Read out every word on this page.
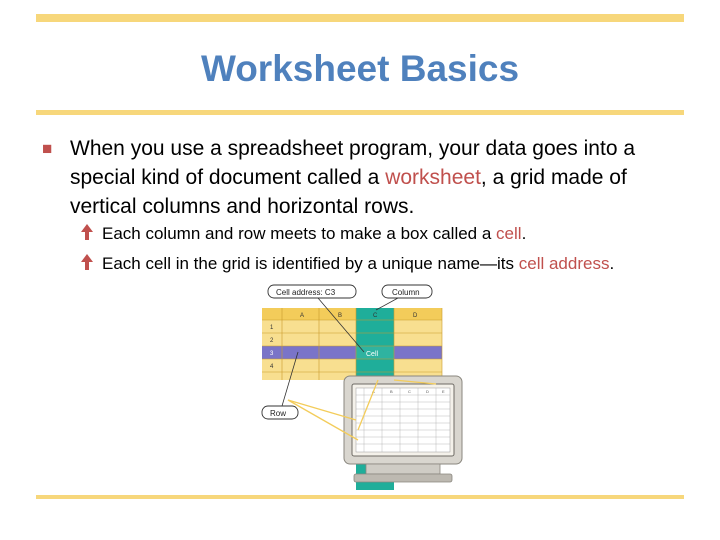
Worksheet Basics
■ When you use a spreadsheet program, your data goes into a special kind of document called a worksheet, a grid made of vertical columns and horizontal rows.
Each column and row meets to make a box called a cell.
Each cell in the grid is identified by a unique name—its cell address.
A	B	C	D
1
2
3
4
Cell
A	B	C	D	E
Cell address: C3	Column
Row
